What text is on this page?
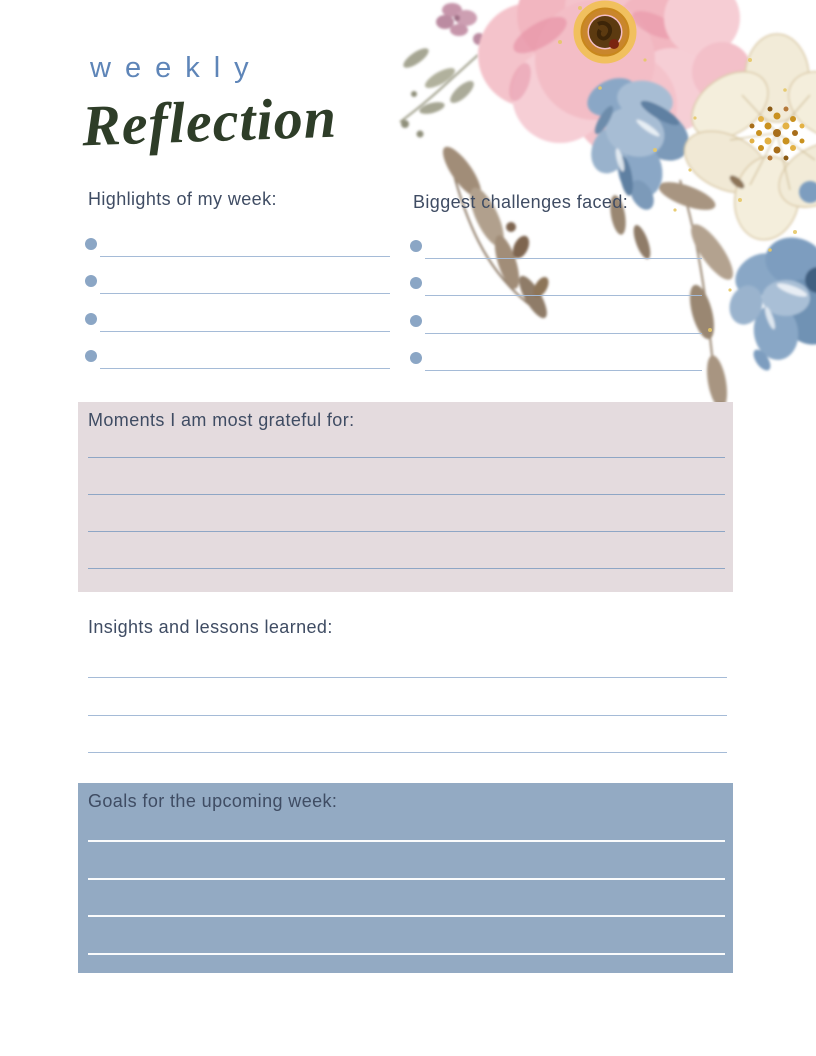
weekly
Reflection
Highlights of my week:	Biggest challenges faced:
Moments I am most grateful for:
Insights and lessons learned:
Goals for the upcoming week:
